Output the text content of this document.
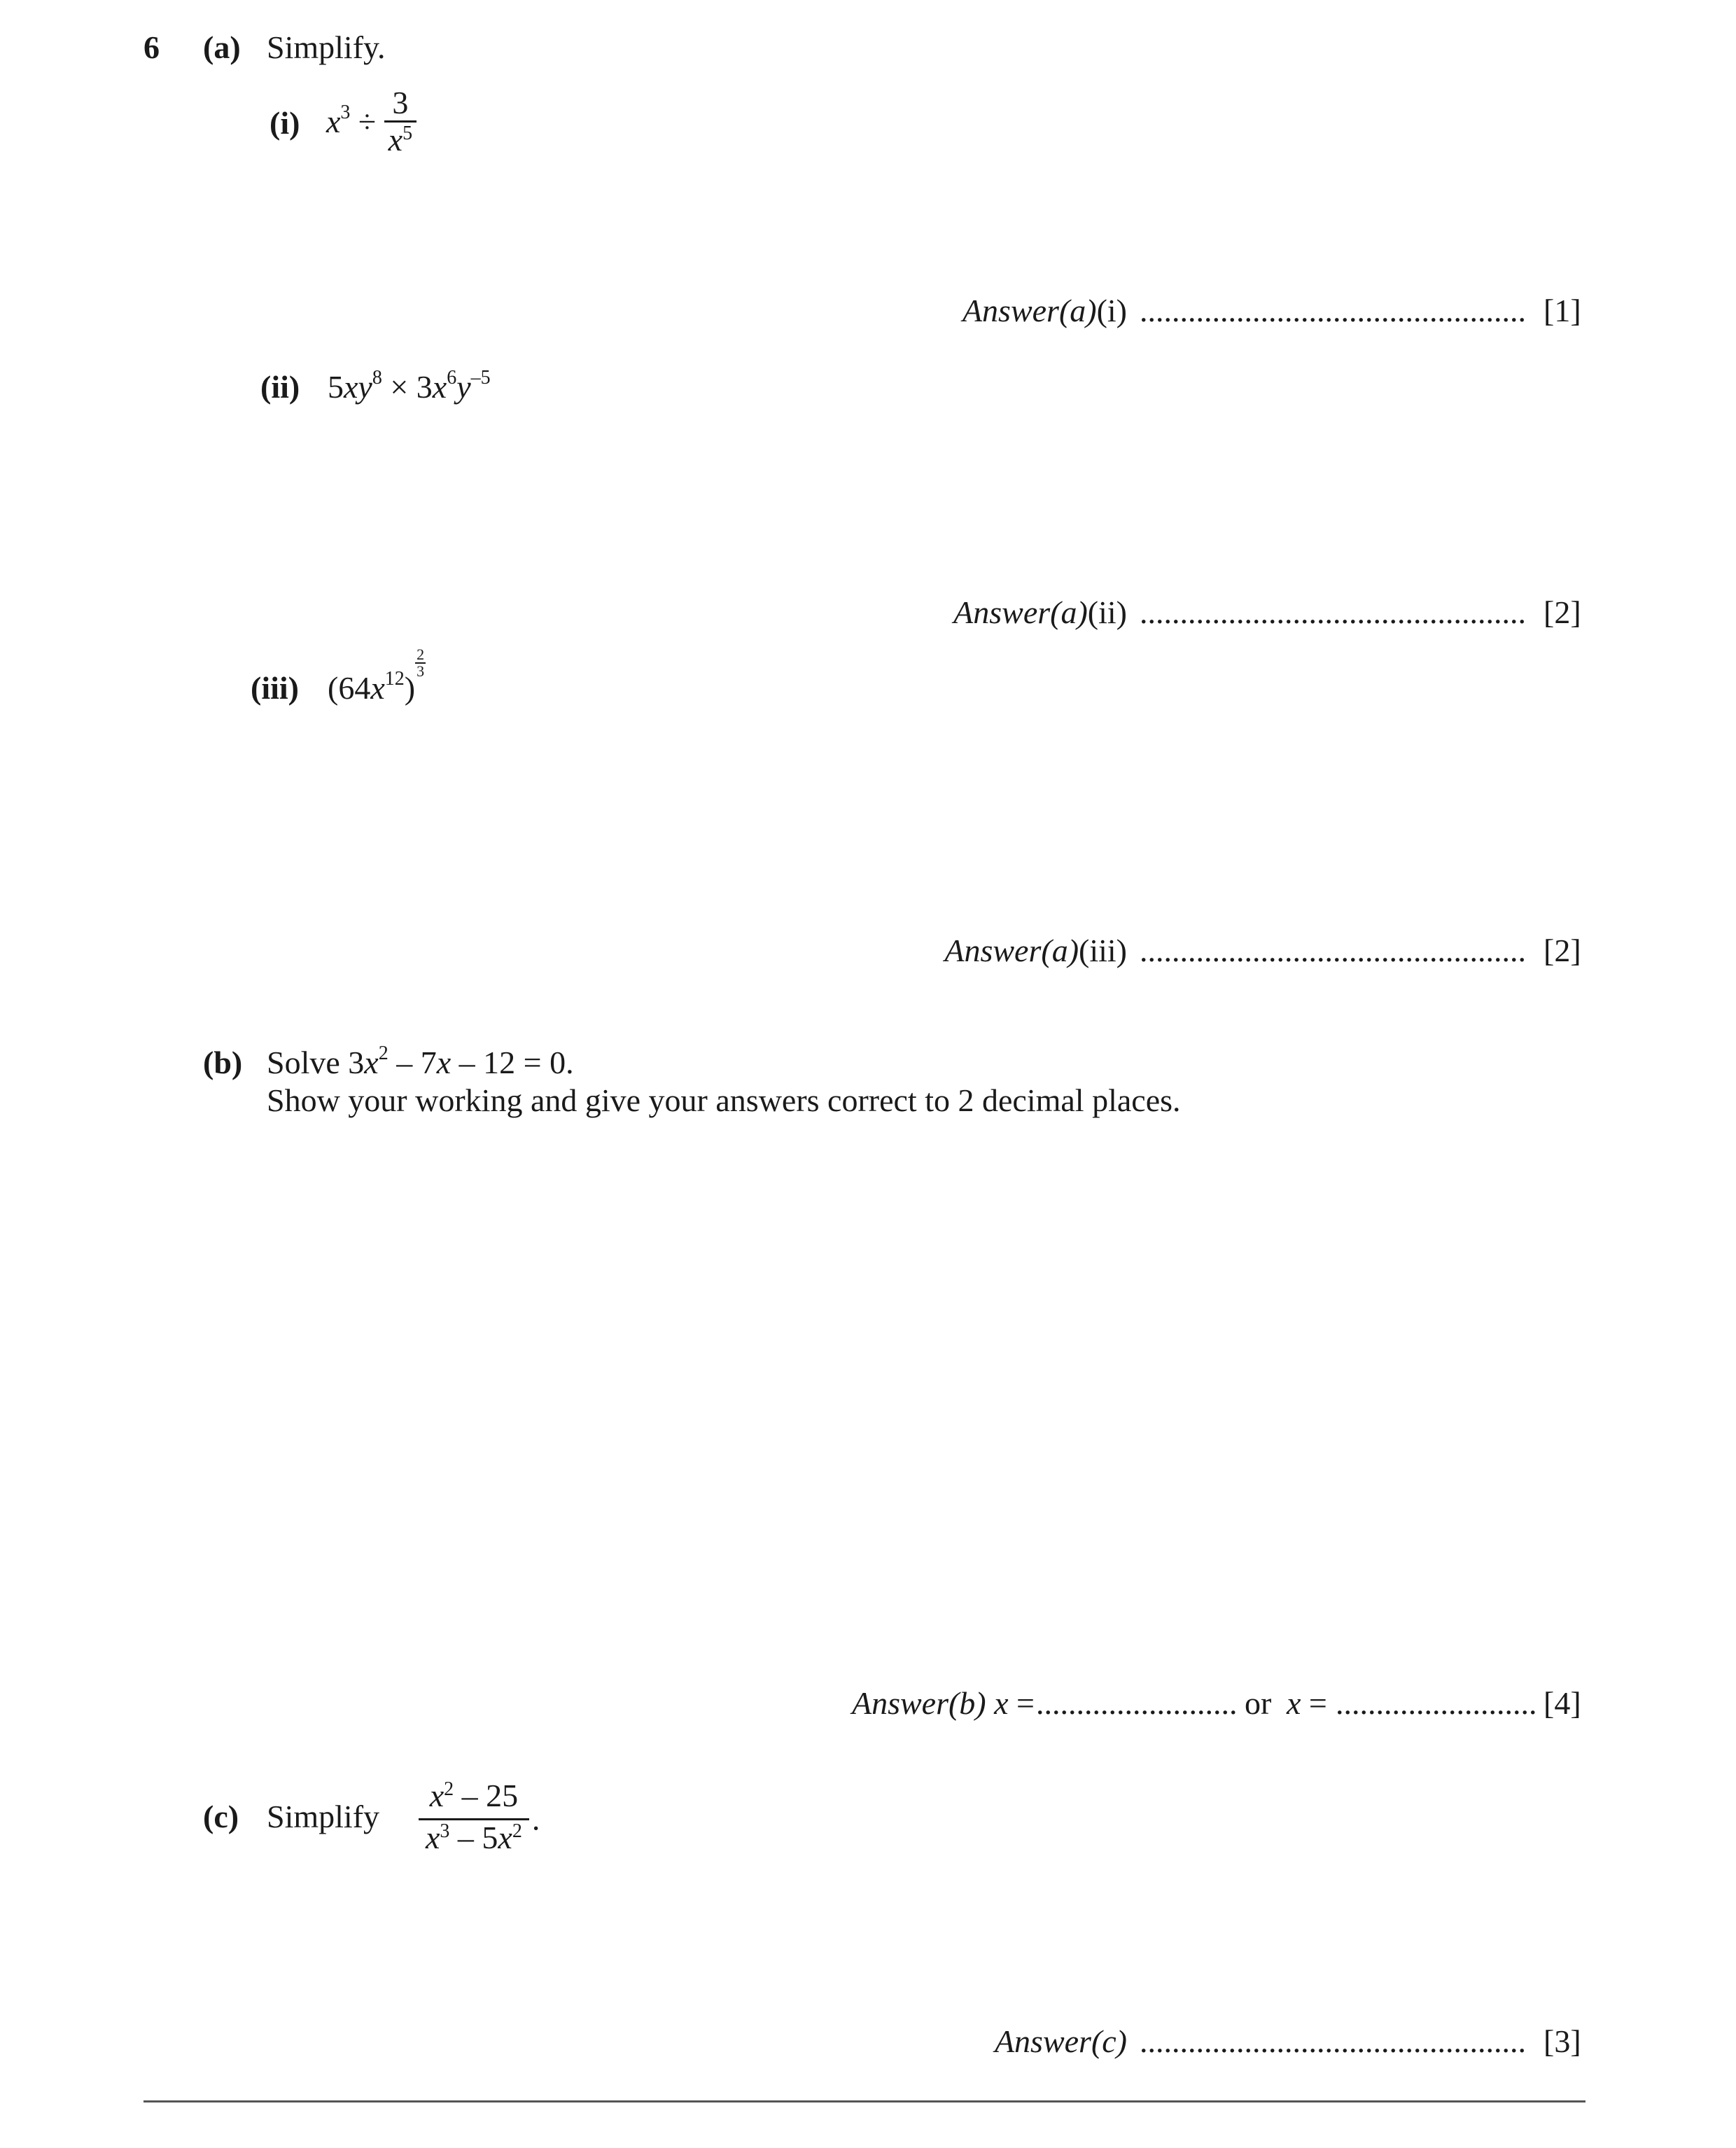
6 (a) Simplify.
(i) $x^3 \div \frac{3}{x^5}$
Answer(a)(i) ................................................ [1]
(ii) $5xy^8 \times 3x^6y^{-5}$
Answer(a)(ii) ................................................ [2]
(iii) $(64x^{12})$
$\frac{2}{3}$
Answer(a)(iii) ................................................ [2]
(b) Solve $3x^2 - 7x - 12 = 0$.
Show your working and give your answers correct to 2 decimal places.
Answer(b) x = ......................... or x = ......................... [4]
(c) Simplify $\frac{x^2 - 25}{x^3 - 5x^2}$ .
Answer(c) ................................................ [3]
